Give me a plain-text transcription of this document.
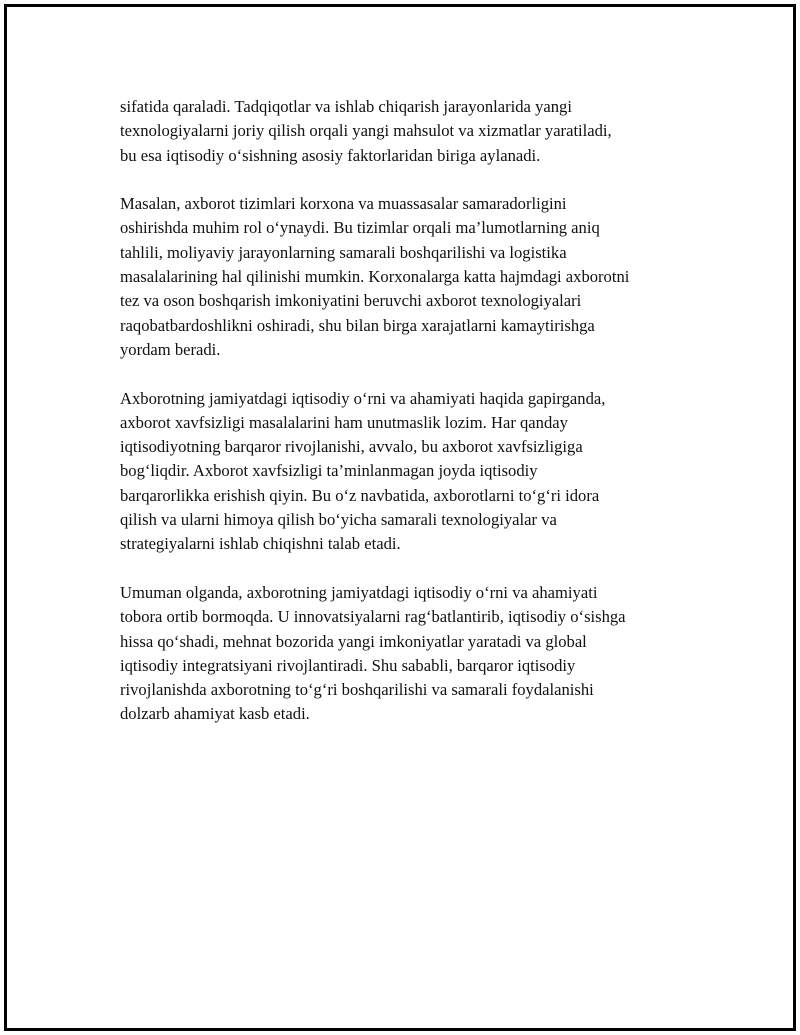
sifatida qaraladi. Tadqiqotlar va ishlab chiqarish jarayonlarida yangi
texnologiyalarni joriy qilish orqali yangi mahsulot va xizmatlar yaratiladi,
bu esa iqtisodiy o‘sishning asosiy faktorlaridan biriga aylanadi.

Masalan, axborot tizimlari korxona va muassasalar samaradorligini
oshirishda muhim rol o‘ynaydi. Bu tizimlar orqali ma’lumotlarning aniq
tahlili, moliyaviy jarayonlarning samarali boshqarilishi va logistika
masalalarining hal qilinishi mumkin. Korxonalarga katta hajmdagi axborotni
tez va oson boshqarish imkoniyatini beruvchi axborot texnologiyalari
raqobatbardoshlikni oshiradi, shu bilan birga xarajatlarni kamaytirishga
yordam beradi.

Axborotning jamiyatdagi iqtisodiy o‘rni va ahamiyati haqida gapirganda,
axborot xavfsizligi masalalarini ham unutmaslik lozim. Har qanday
iqtisodiyotning barqaror rivojlanishi, avvalo, bu axborot xavfsizligiga
bog‘liqdir. Axborot xavfsizligi ta’minlanmagan joyda iqtisodiy
barqarorlikka erishish qiyin. Bu o‘z navbatida, axborotlarni to‘g‘ri idora
qilish va ularni himoya qilish bo‘yicha samarali texnologiyalar va
strategiyalarni ishlab chiqishni talab etadi.

Umuman olganda, axborotning jamiyatdagi iqtisodiy o‘rni va ahamiyati
tobora ortib bormoqda. U innovatsiyalarni rag‘batlantirib, iqtisodiy o‘sishga
hissa qo‘shadi, mehnat bozorida yangi imkoniyatlar yaratadi va global
iqtisodiy integratsiyani rivojlantiradi. Shu sababli, barqaror iqtisodiy
rivojlanishda axborotning to‘g‘ri boshqarilishi va samarali foydalanishi
dolzarb ahamiyat kasb etadi.
